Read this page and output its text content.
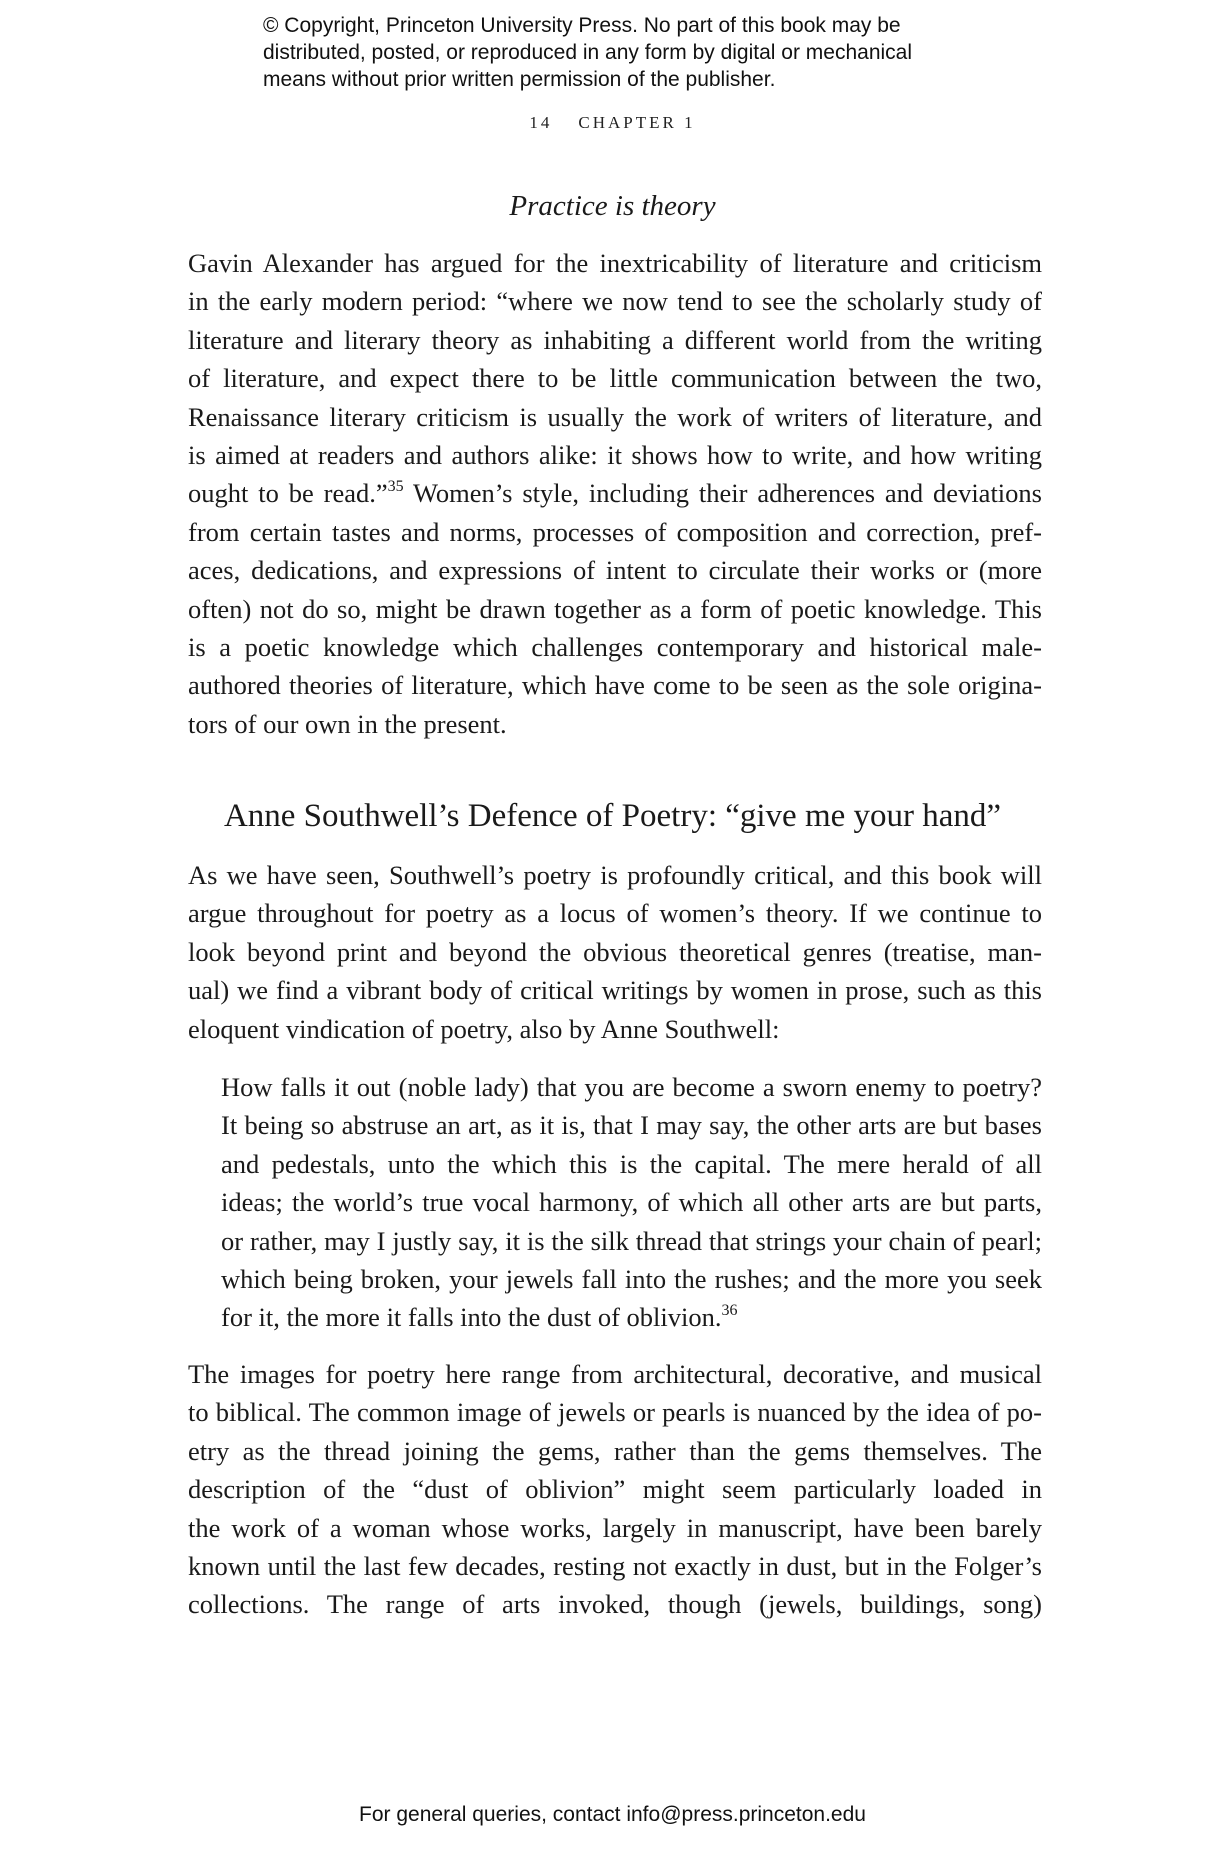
© Copyright, Princeton University Press. No part of this book may be
distributed, posted, or reproduced in any form by digital or mechanical
means without prior written permission of the publisher.
14 CHAPTER 1
Practice is theory
Gavin Alexander has argued for the inextricability of literature and criticism
in the early modern period: “where we now tend to see the scholarly study of
literature and literary theory as inhabiting a different world from the writing
of literature, and expect there to be little communication between the two,
Renaissance literary criticism is usually the work of writers of literature, and
is aimed at readers and authors alike: it shows how to write, and how writing
ought to be read.”$^{35}$ Women’s style, including their adherences and deviations
from certain tastes and norms, processes of composition and correction, pref-
aces, dedications, and expressions of intent to circulate their works or (more
often) not do so, might be drawn together as a form of poetic knowledge. This
is a poetic knowledge which challenges contemporary and historical male-
authored theories of literature, which have come to be seen as the sole origina-
tors of our own in the present.
Anne Southwell’s Defence of Poetry: “give me your hand”
As we have seen, Southwell’s poetry is profoundly critical, and this book will
argue throughout for poetry as a locus of women’s theory. If we continue to
look beyond print and beyond the obvious theoretical genres (treatise, man-
ual) we find a vibrant body of critical writings by women in prose, such as this
eloquent vindication of poetry, also by Anne Southwell:
How falls it out (noble lady) that you are become a sworn enemy to poetry?
It being so abstruse an art, as it is, that I may say, the other arts are but bases
and pedestals, unto the which this is the capital. The mere herald of all
ideas; the world’s true vocal harmony, of which all other arts are but parts,
or rather, may I justly say, it is the silk thread that strings your chain of pearl;
which being broken, your jewels fall into the rushes; and the more you seek
for it, the more it falls into the dust of oblivion.$^{36}$
The images for poetry here range from architectural, decorative, and musical
to biblical. The common image of jewels or pearls is nuanced by the idea of po-
etry as the thread joining the gems, rather than the gems themselves. The
description of the “dust of oblivion” might seem particularly loaded in
the work of a woman whose works, largely in manuscript, have been barely
known until the last few decades, resting not exactly in dust, but in the Folger’s
collections. The range of arts invoked, though (jewels, buildings, song)
For general queries, contact info@press.princeton.edu
